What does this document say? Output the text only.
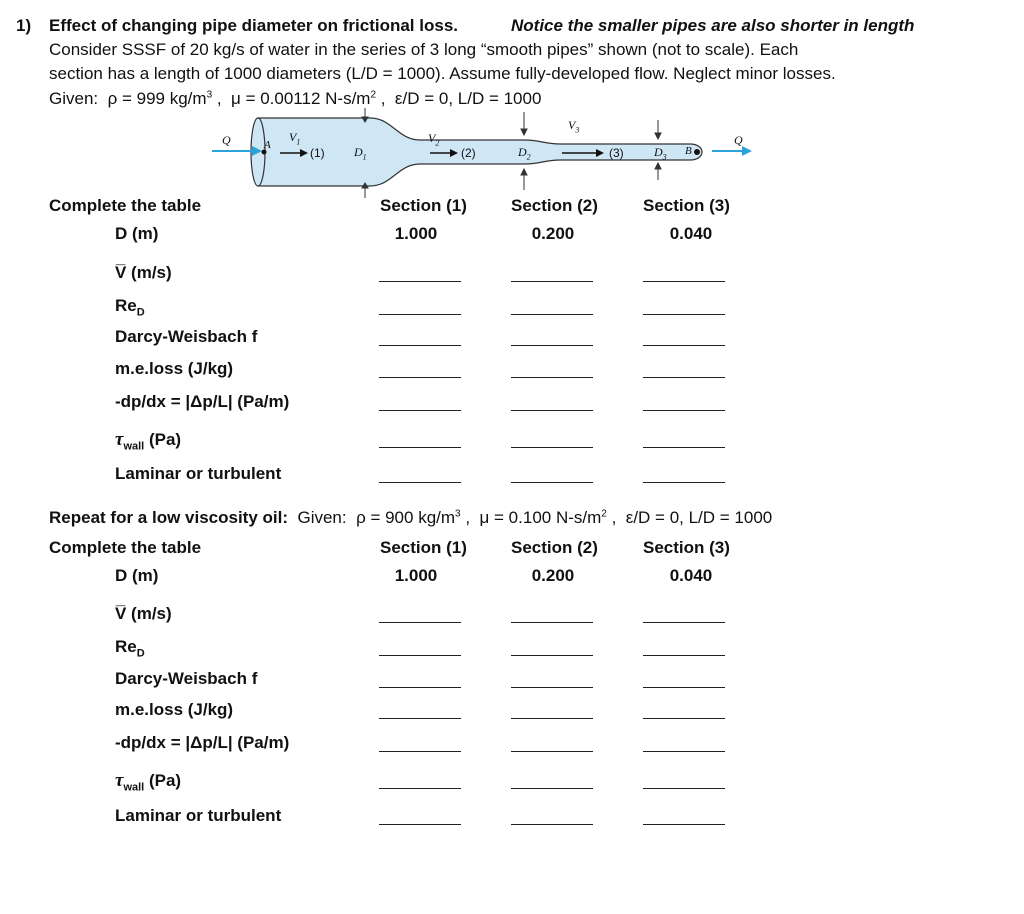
1) Effect of changing pipe diameter on frictional loss.	Notice the smaller pipes are also shorter in length
Consider SSSF of 20 kg/s of water in the series of 3 long “smooth pipes” shown (not to scale). Each
section has a length of 1000 diameters (L/D = 1000). Assume fully-developed flow. Neglect minor losses.
Given: ρ = 999 $kg/m^3$ ,  μ = 0.00112 $N-s/m^2$ ,  ε/D = 0, L/D = 1000
Q	Q
A	B
$V_1$	$V_2$
$V_3$
$D_1$	$D_2$	$D_3$
(1)	(2)	(3)
Complete the table	Section (1)	Section (2)	Section (3)
D (m)	1.000	0.200	0.040
V̅ (m/s)
$Re_D$
Darcy-Weisbach f
m.e.loss (J/kg)
-dp/dx = |Δp/L| (Pa/m)
$\tau_{wall}$ (Pa)
Laminar or turbulent
Repeat for a low viscosity oil: Given: ρ = 900 $kg/m^3$ ,  μ = 0.100 $N-s/m^2$ ,  ε/D = 0, L/D = 1000
Complete the table	Section (1)	Section (2)	Section (3)
D (m)	1.000	0.200	0.040
V̅ (m/s)
$Re_D$
Darcy-Weisbach f
m.e.loss (J/kg)
-dp/dx = |Δp/L| (Pa/m)
$\tau_{wall}$ (Pa)
Laminar or turbulent
